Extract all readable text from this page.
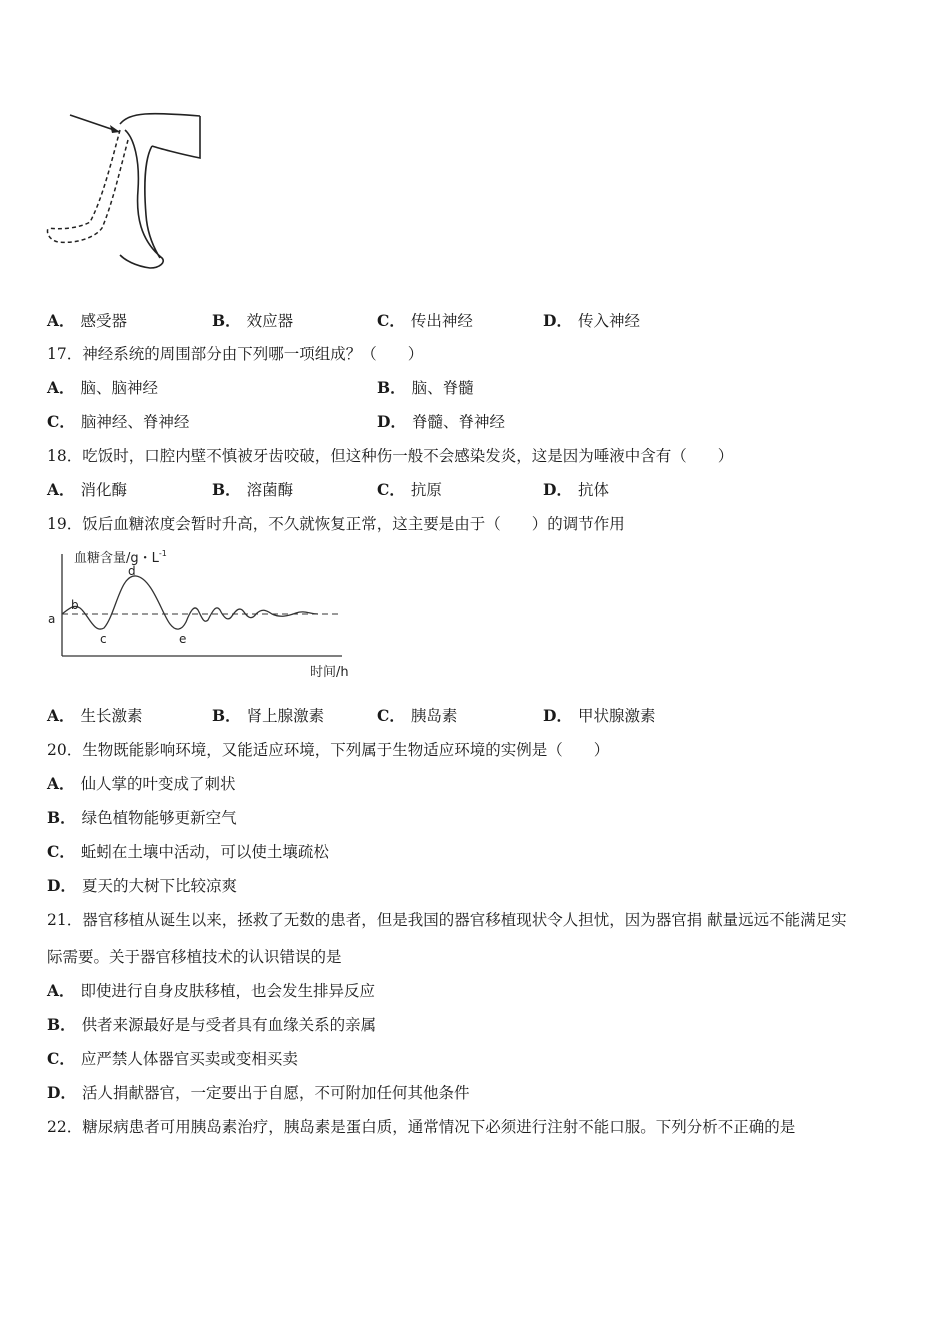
A． 感受器	B． 效应器	C． 传出神经	D． 传入神经
17．神经系统的周围部分由下列哪一项组成？（　　）
A． 脑、脑神经	B． 脑、脊髓
C． 脑神经、脊神经	D． 脊髓、脊神经
18．吃饭时，口腔内壁不慎被牙齿咬破，但这种伤一般不会感染发炎，这是因为唾液中含有（　　）
A． 消化酶	B． 溶菌酶	C． 抗原	D． 抗体
19．饭后血糖浓度会暂时升高，不久就恢复正常，这主要是由于（　　）的调节作用
血糖含量/g・$L^{-1}$
时间/h
a
b
c
d
e
A． 生长激素	B． 肾上腺激素	C． 胰岛素	D． 甲状腺激素
20．生物既能影响环境，又能适应环境，下列属于生物适应环境的实例是（　　）
A． 仙人掌的叶变成了刺状
B． 绿色植物能够更新空气
C． 蚯蚓在土壤中活动，可以使土壤疏松
D． 夏天的大树下比较凉爽
21．器官移植从诞生以来，拯救了无数的患者，但是我国的器官移植现状令人担忧，因为器官捐 献量远远不能满足实
际需要。关于器官移植技术的认识错误的是
A． 即使进行自身皮肤移植，也会发生排异反应
B． 供者来源最好是与受者具有血缘关系的亲属
C． 应严禁人体器官买卖或变相买卖
D． 活人捐献器官，一定要出于自愿，不可附加任何其他条件
22．糖尿病患者可用胰岛素治疗，胰岛素是蛋白质，通常情况下必须进行注射不能口服。下列分析不正确的是
